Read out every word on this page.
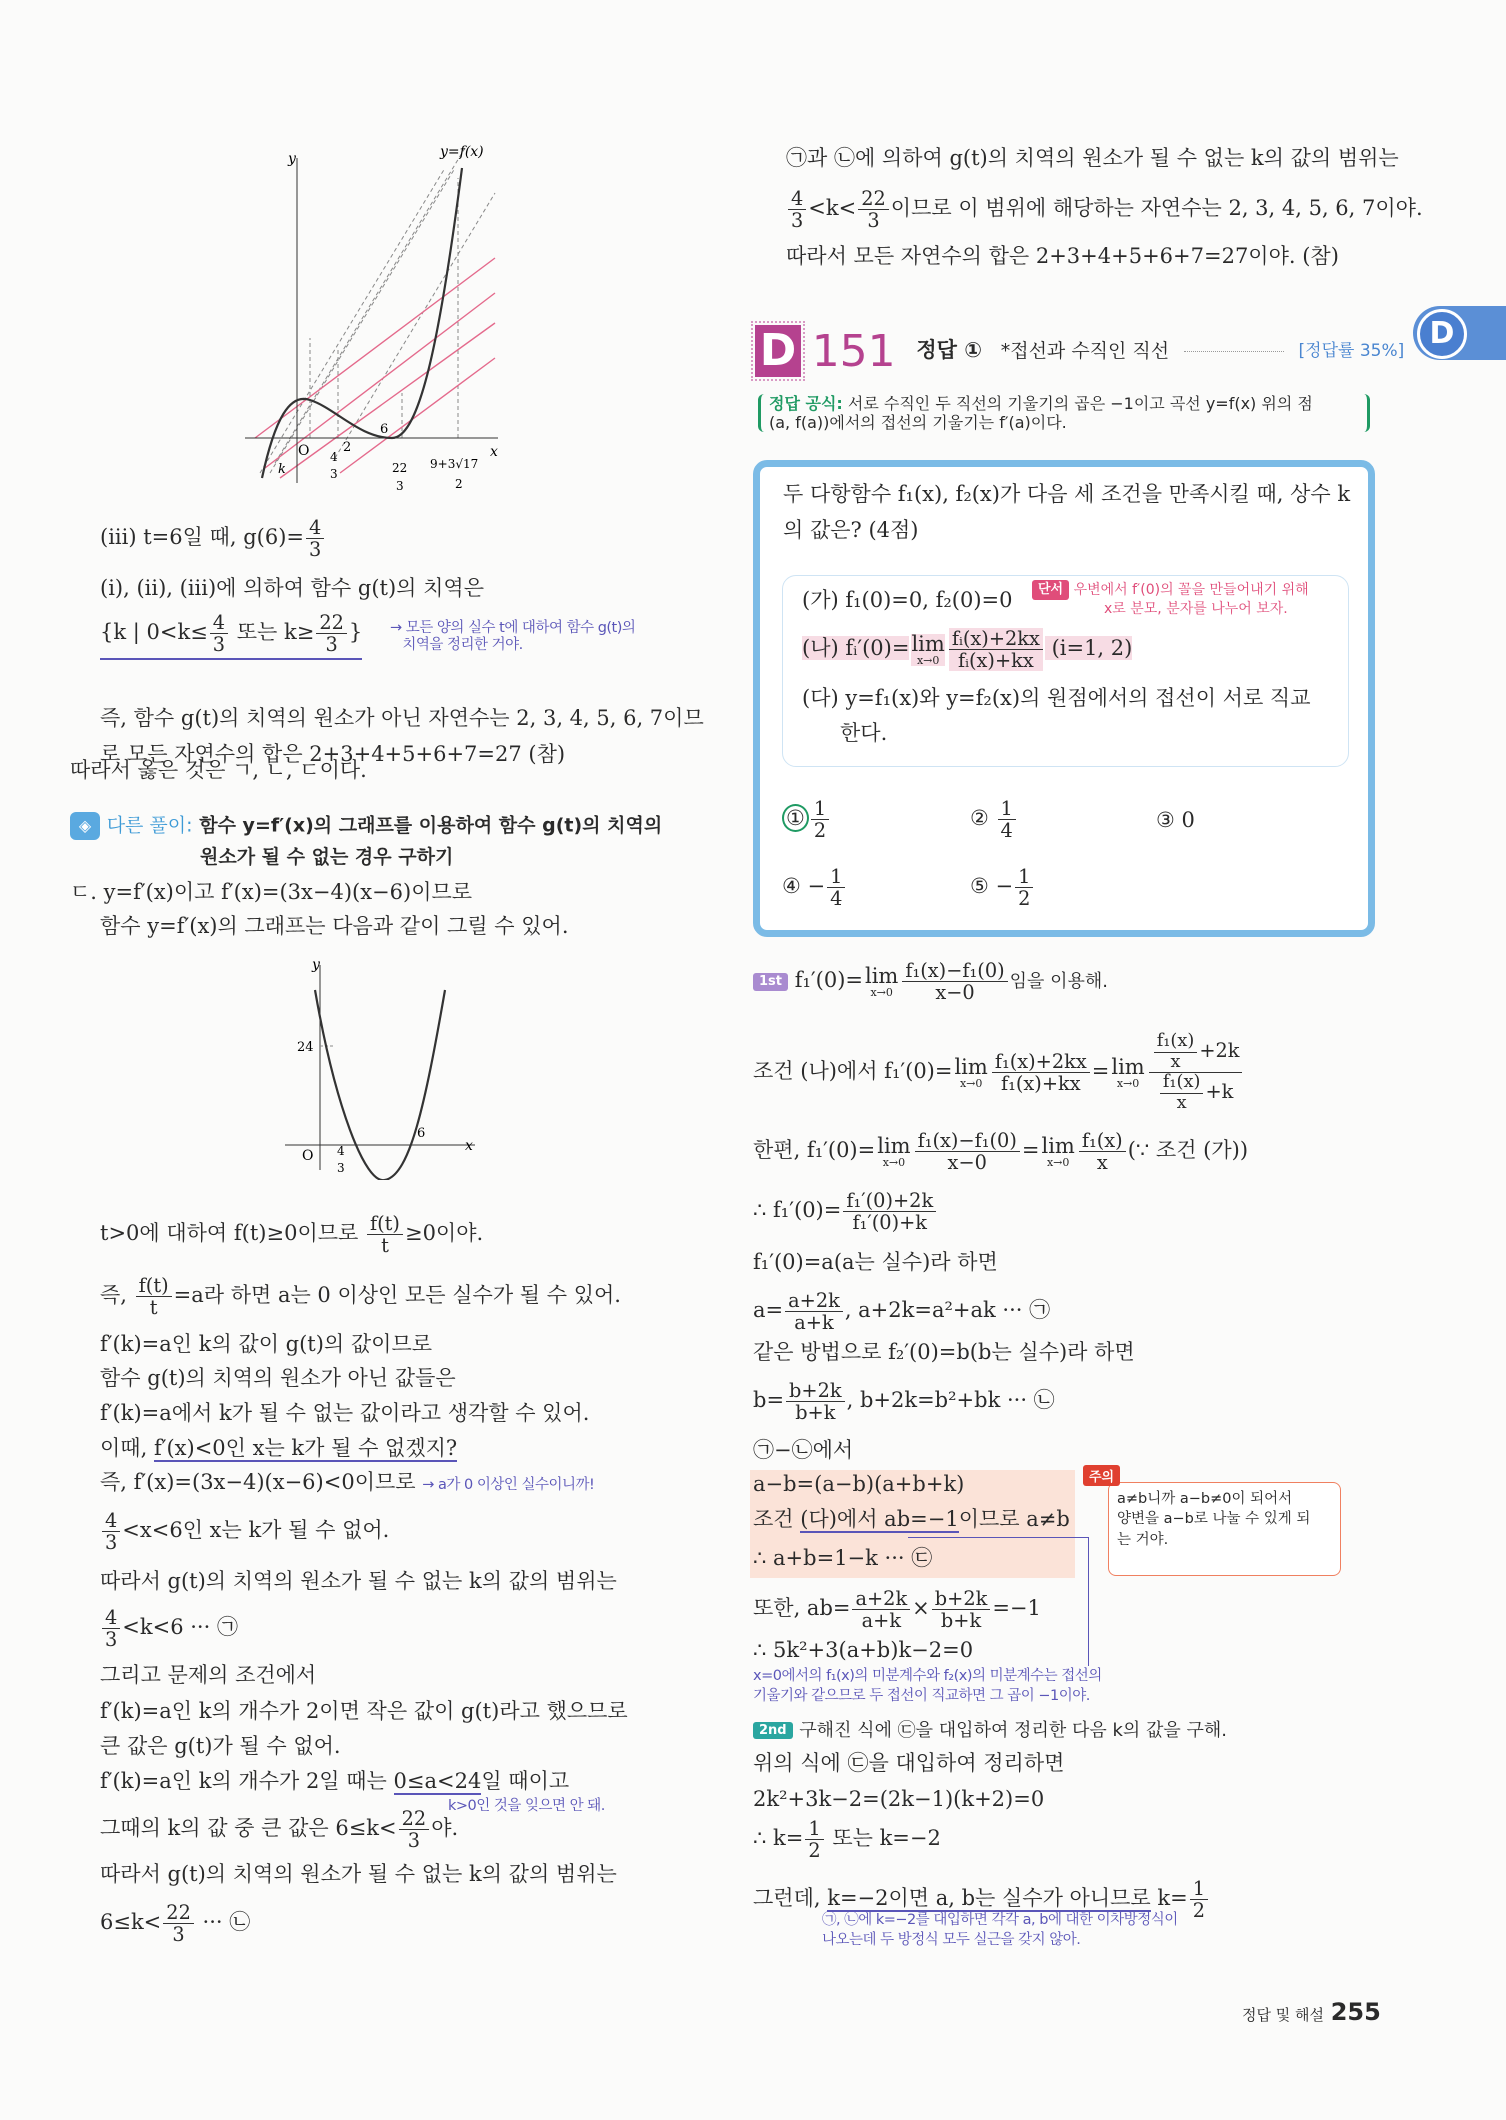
y
x
y=f(x)
O
k
2
4
3
6
22
3
9+3√17
2
(iii) t=6일 때, $g(6)= \frac{4}{3}$
(i), (ii), (iii)에 의하여 함수 g(t)의 치역은
{k | $0<k\le \frac{4}{3}$ 또는 $k\ge \frac{22}{3}$ } → 모든 양의 실수 t에 대하여 함수 g(t)의
치역을 정리한 거야.
즉, 함수 g(t)의 치역의 원소가 아닌 자연수는 2, 3, 4, 5, 6, 7이므
로 모든 자연수의 합은 2+3+4+5+6+7=27 (참)
따라서 옳은 것은 ㄱ, ㄴ, ㄷ이다.
◈ 다른 풀이: 함수 y=f′(x)의 그래프를 이용하여 함수 g(t)의 치역의
원소가 될 수 없는 경우 구하기
ㄷ. y=f′(x)이고 f′(x)=(3x−4)(x−6)이므로
함수 y=f′(x)의 그래프는 다음과 같이 그릴 수 있어.
y
x
O
24
4
3
6
t>0에 대하여 f(t)≥0이므로 $\frac{f(t)}{t} \ge 0$이야.
즉, $\frac{f(t)}{t} =a$라 하면 a는 0 이상인 모든 실수가 될 수 있어.
f′(k)=a인 k의 값이 g(t)의 값이므로
함수 g(t)의 치역의 원소가 아닌 값들은
f′(k)=a에서 k가 될 수 없는 값이라고 생각할 수 있어.
이때, f′(x)<0인 x는 k가 될 수 없겠지?
즉, f′(x)=(3x−4)(x−6)<0이므로 → a가 0 이상인 실수이니까!
$\frac{4}{3} <x<6$인 x는 k가 될 수 없어.
따라서 g(t)의 치역의 원소가 될 수 없는 k의 값의 범위는
$\frac{4}{3} <k<6$ ··· ㉠
그리고 문제의 조건에서
f′(k)=a인 k의 개수가 2이면 작은 값이 g(t)라고 했으므로
큰 값은 g(t)가 될 수 없어.
f′(k)=a인 k의 개수가 2일 때는 0≤a<24일 때이고
k>0인 것을 잊으면 안 돼.
그때의 k의 값 중 큰 값은 $6\le k< \frac{22}{3}$ 야.
따라서 g(t)의 치역의 원소가 될 수 없는 k의 값의 범위는
$6\le k< \frac{22}{3}$ ··· ㉡
㉠과 ㉡에 의하여 g(t)의 치역의 원소가 될 수 없는 k의 값의 범위는
$\frac{4}{3} <k< \frac{22}{3}$ 이므로 이 범위에 해당하는 자연수는 2, 3, 4, 5, 6, 7이야.
따라서 모든 자연수의 합은 2+3+4+5+6+7=27이야. (참)
D
D 151 정답 ① *접선과 수직인 직선	[정답률 35%]
정답 공식: 서로 수직인 두 직선의 기울기의 곱은 −1이고 곡선 y=f(x) 위의 점
(a, f(a))에서의 접선의 기울기는 f′(a)이다.
두 다항함수 f₁(x), f₂(x)가 다음 세 조건을 만족시킬 때, 상수 k
의 값은? (4점)
(가) f₁(0)=0, f₂(0)=0	단서 우변에서 f′(0)의 꼴을 만들어내기 위해
x로 분모, 분자를 나누어 보자.
(나) fᵢ′(0)= lim
$x\to 0 \frac{\text{fᵢ(x)+2kx}}{\text{fᵢ(x)+kx}} (i=1$, 2)
(다) y=f₁(x)와 y=f₂(x)의 원점에서의 접선이 서로 직교
한다.
① $\frac{1}{2}$	② $\frac{1}{4}$	③ 0
④ − $\frac{1}{4}$	⑤ − $\frac{1}{2}$
1st f₁′(0)= lim
$x\to 0 \frac{\text{f₁(x)−f₁(0)}}{x-0}$ 임을 이용해.
조건 (나)에서 f₁′(0)= lim
$x\to 0 \frac{\text{f₁(x)+2kx}}{\text{f₁(x)+kx}} = \lim$
$x\to 0 \frac{\frac{\text{f₁(x)}}{x} +2k}{\frac{\text{f₁(x)}}{x} +k}$
한편, f₁′(0)= lim
$x\to 0 \frac{\text{f₁(x)−f₁(0)}}{x-0} = \lim$
$x\to 0 \frac{\text{f₁(x)}}{x}$ (∵ 조건 (가))
∴ $f_1'(0)= \frac{\text{f₁′(0)+2k}}{\text{f₁′(0)+k}}$
f₁′(0)=a(a는 실수)라 하면
$a= \frac{a+2k}{a+k}$ , a+2k=a²+ak ··· ㉠
같은 방법으로 f₂′(0)=b(b는 실수)라 하면
$b= \frac{b+2k}{b+k}$ , b+2k=b²+bk ··· ㉡
㉠−㉡에서
a−b=(a−b)(a+b+k)
조건 (다)에서 ab=−1이므로 a≠b
∴ a+b=1−k ··· ㉢
a≠b니까 a−b≠0이 되어서
양변을 a−b로 나눌 수 있게 되
는 거야.
주의
또한, $ab= \frac{a+2k}{a+k} \times \frac{b+2k}{b+k} =-1$
∴ 5k²+3(a+b)k−2=0
x=0에서의 f₁(x)의 미분계수와 f₂(x)의 미분계수는 접선의
기울기와 같으므로 두 접선이 직교하면 그 곱이 −1이야.
2nd 구해진 식에 ㉢을 대입하여 정리한 다음 k의 값을 구해.
위의 식에 ㉢을 대입하여 정리하면
2k²+3k−2=(2k−1)(k+2)=0
∴ $k= \frac{1}{2}$ 또는 k=−2
그런데, k=−2이면 a, b는 실수가 아니므로 $k= \frac{1}{2}$
㉠, ㉡에 k=−2를 대입하면 각각 a, b에 대한 이차방정식이
나오는데 두 방정식 모두 실근을 갖지 않아.
정답 및 해설 255
